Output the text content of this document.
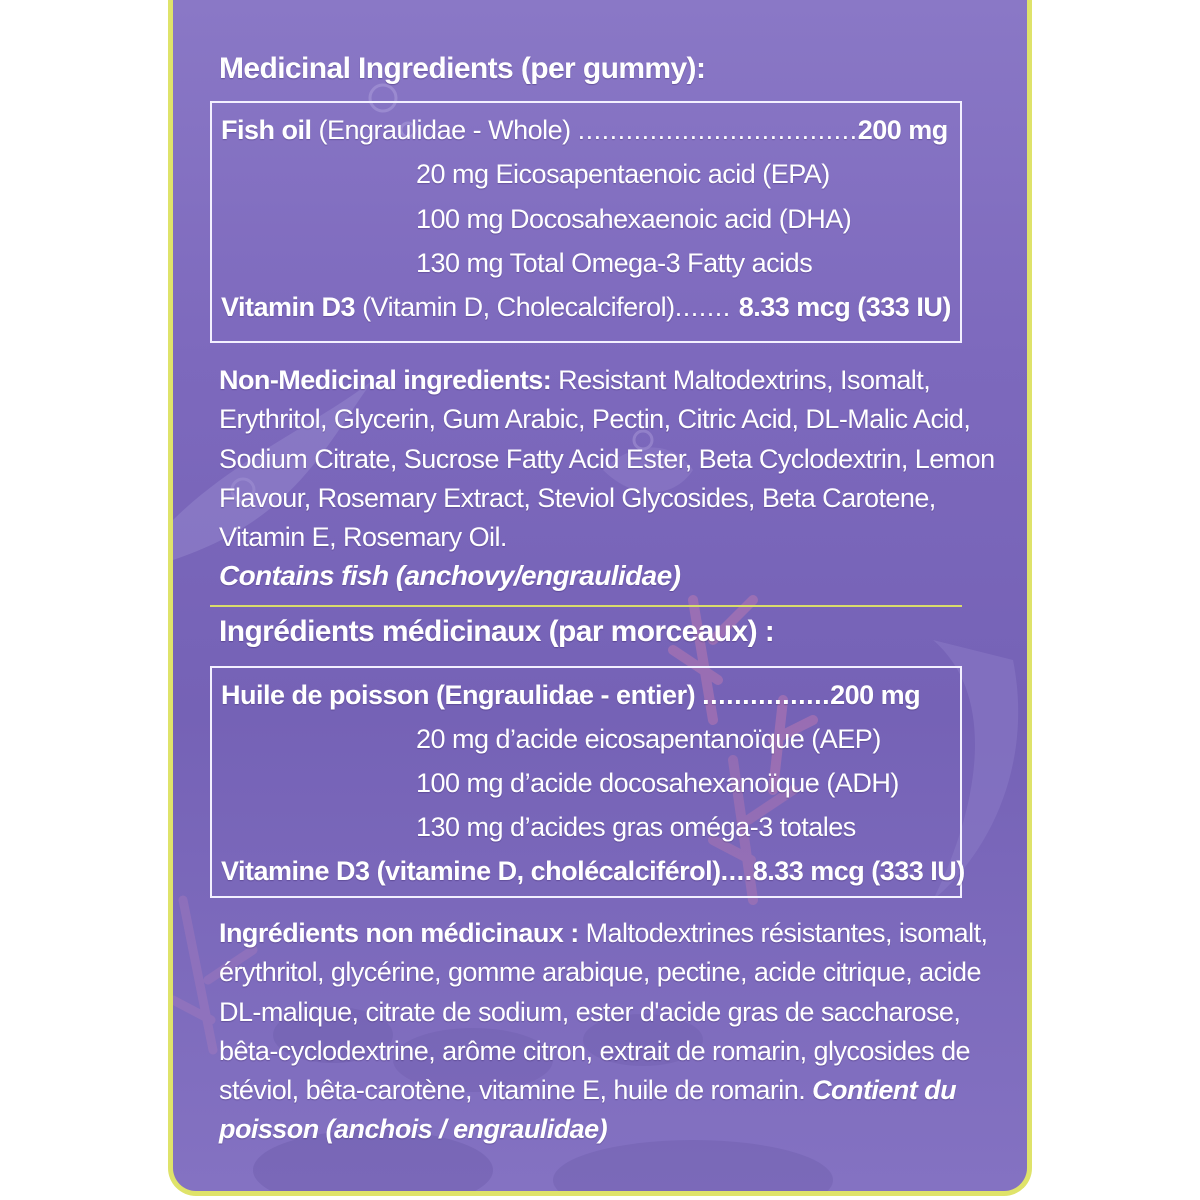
Medicinal Ingredients (per gummy):
Fish oil (Engraulidae - Whole) ...................................200 mg
20 mg Eicosapentaenoic acid (EPA)
100 mg Docosahexaenoic acid (DHA)
130 mg Total Omega-3 Fatty acids
Vitamin D3 (Vitamin D, Cholecalciferol)....... 8.33 mcg (333 IU)
Non-Medicinal ingredients: Resistant Maltodextrins, Isomalt, Erythritol, Glycerin, Gum Arabic, Pectin, Citric Acid, DL-Malic Acid, Sodium Citrate, Sucrose Fatty Acid Ester, Beta Cyclodextrin, Lemon Flavour, Rosemary Extract, Steviol Glycosides, Beta Carotene, Vitamin E, Rosemary Oil.
Contains fish (anchovy/engraulidae)
Ingrédients médicinaux (par morceaux) :
Huile de poisson (Engraulidae - entier) ................200 mg
20 mg d’acide eicosapentanoïque (AEP)
100 mg d’acide docosahexanoïque (ADH)
130 mg d’acides gras oméga-3 totales
Vitamine D3 (vitamine D, cholécalciférol)....8.33 mcg (333 IU)
Ingrédients non médicinaux : Maltodextrines résistantes, isomalt, érythritol, glycérine, gomme arabique, pectine, acide citrique, acide DL-malique, citrate de sodium, ester d'acide gras de saccharose, bêta-cyclodextrine, arôme citron, extrait de romarin, glycosides de stéviol, bêta-carotène, vitamine E, huile de romarin. Contient du poisson (anchois / engraulidae)
